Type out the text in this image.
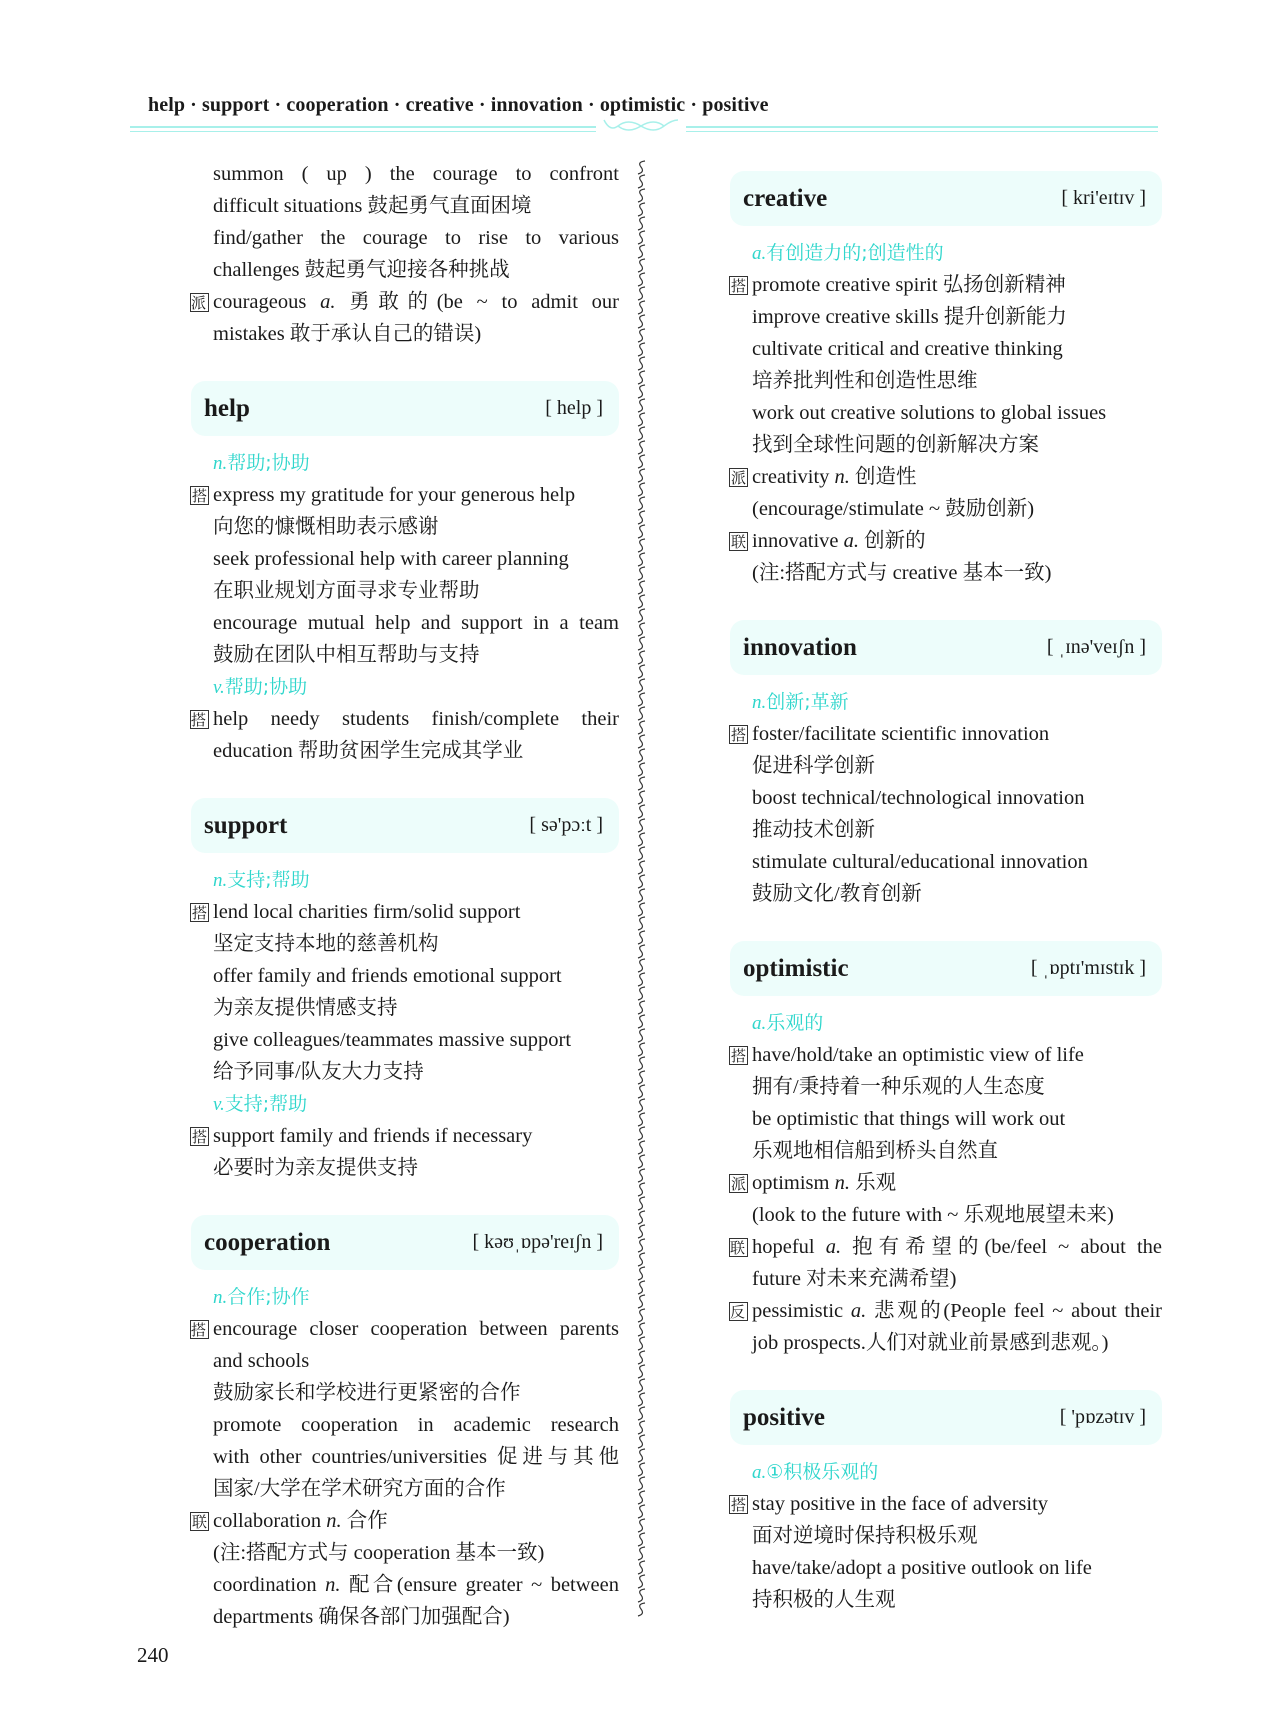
help · support · cooperation · creative · innovation · optimistic · positive
summon ( up ) the courage to confront
difficult situations 鼓起勇气直面困境
find/gather the courage to rise to various
challenges 鼓起勇气迎接各种挑战
派 courageous a. 勇敢的(be ~ to admit our
mistakes 敢于承认自己的错误)
help	[ help ]
n.帮助;协助
搭 express my gratitude for your generous help
向您的慷慨相助表示感谢
seek professional help with career planning
在职业规划方面寻求专业帮助
encourage mutual help and support in a team
鼓励在团队中相互帮助与支持
v.帮助;协助
搭 help needy students finish/complete their
education 帮助贫困学生完成其学业
support	[ sə'pɔːt ]
n.支持;帮助
搭 lend local charities firm/solid support
坚定支持本地的慈善机构
offer family and friends emotional support
为亲友提供情感支持
give colleagues/teammates massive support
给予同事/队友大力支持
v.支持;帮助
搭 support family and friends if necessary
必要时为亲友提供支持
cooperation	[ kəʊˌɒpə'reɪʃn ]
n.合作;协作
搭 encourage closer cooperation between parents
and schools
鼓励家长和学校进行更紧密的合作
promote cooperation in academic research
with other countries/universities 促进与其他
国家/大学在学术研究方面的合作
联 collaboration n. 合作
(注:搭配方式与 cooperation 基本一致)
coordination n. 配合(ensure greater ~ between
departments 确保各部门加强配合)
creative	[ kri'eɪtɪv ]
a.有创造力的;创造性的
搭 promote creative spirit 弘扬创新精神
improve creative skills 提升创新能力
cultivate critical and creative thinking
培养批判性和创造性思维
work out creative solutions to global issues
找到全球性问题的创新解决方案
派 creativity n. 创造性
(encourage/stimulate ~ 鼓励创新)
联 innovative a. 创新的
(注:搭配方式与 creative 基本一致)
innovation	[ ˌɪnə'veɪʃn ]
n.创新;革新
搭 foster/facilitate scientific innovation
促进科学创新
boost technical/technological innovation
推动技术创新
stimulate cultural/educational innovation
鼓励文化/教育创新
optimistic	[ ˌɒptɪ'mɪstɪk ]
a.乐观的
搭 have/hold/take an optimistic view of life
拥有/秉持着一种乐观的人生态度
be optimistic that things will work out
乐观地相信船到桥头自然直
派 optimism n. 乐观
(look to the future with ~ 乐观地展望未来)
联 hopeful a. 抱有希望的(be/feel ~ about the
future 对未来充满希望)
反 pessimistic a. 悲观的(People feel ~ about their
job prospects.人们对就业前景感到悲观。)
positive	[ 'pɒzətɪv ]
a.①积极乐观的
搭 stay positive in the face of adversity
面对逆境时保持积极乐观
have/take/adopt a positive outlook on life
持积极的人生观
240
